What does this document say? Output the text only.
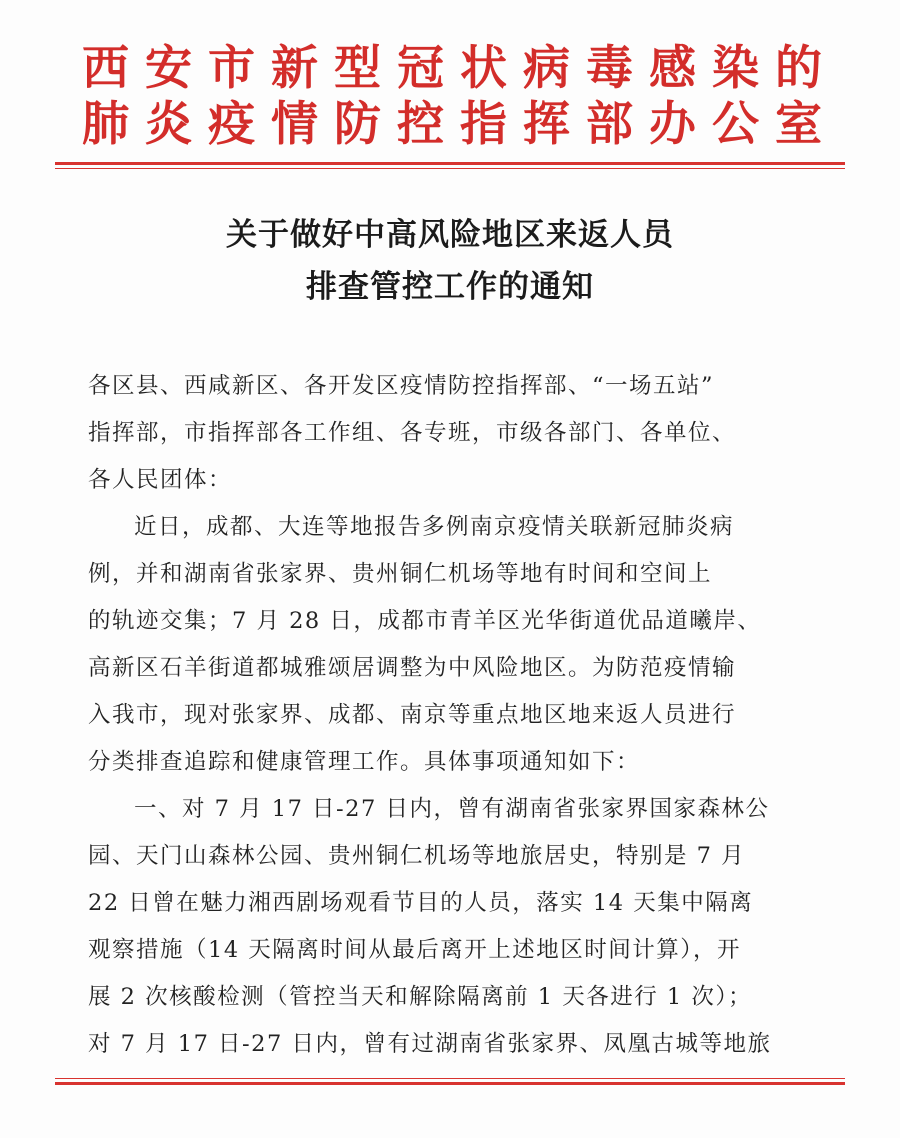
西安市新型冠状病毒感染的
肺炎疫情防控指挥部办公室
关于做好中高风险地区来返人员
排查管控工作的通知
各区县、西咸新区、各开发区疫情防控指挥部、“一场五站”
指挥部，市指挥部各工作组、各专班，市级各部门、各单位、
各人民团体：
近日，成都、大连等地报告多例南京疫情关联新冠肺炎病
例，并和湖南省张家界、贵州铜仁机场等地有时间和空间上
的轨迹交集；7 月 28 日，成都市青羊区光华街道优品道曦岸、
高新区石羊街道都城雅颂居调整为中风险地区。为防范疫情输
入我市，现对张家界、成都、南京等重点地区地来返人员进行
分类排查追踪和健康管理工作。具体事项通知如下：
一、对 7 月 17 日-27 日内，曾有湖南省张家界国家森林公
园、天门山森林公园、贵州铜仁机场等地旅居史，特别是 7 月
22 日曾在魅力湘西剧场观看节目的人员，落实 14 天集中隔离
观察措施（14 天隔离时间从最后离开上述地区时间计算），开
展 2 次核酸检测（管控当天和解除隔离前 1 天各进行 1 次）；
对 7 月 17 日-27 日内，曾有过湖南省张家界、凤凰古城等地旅
